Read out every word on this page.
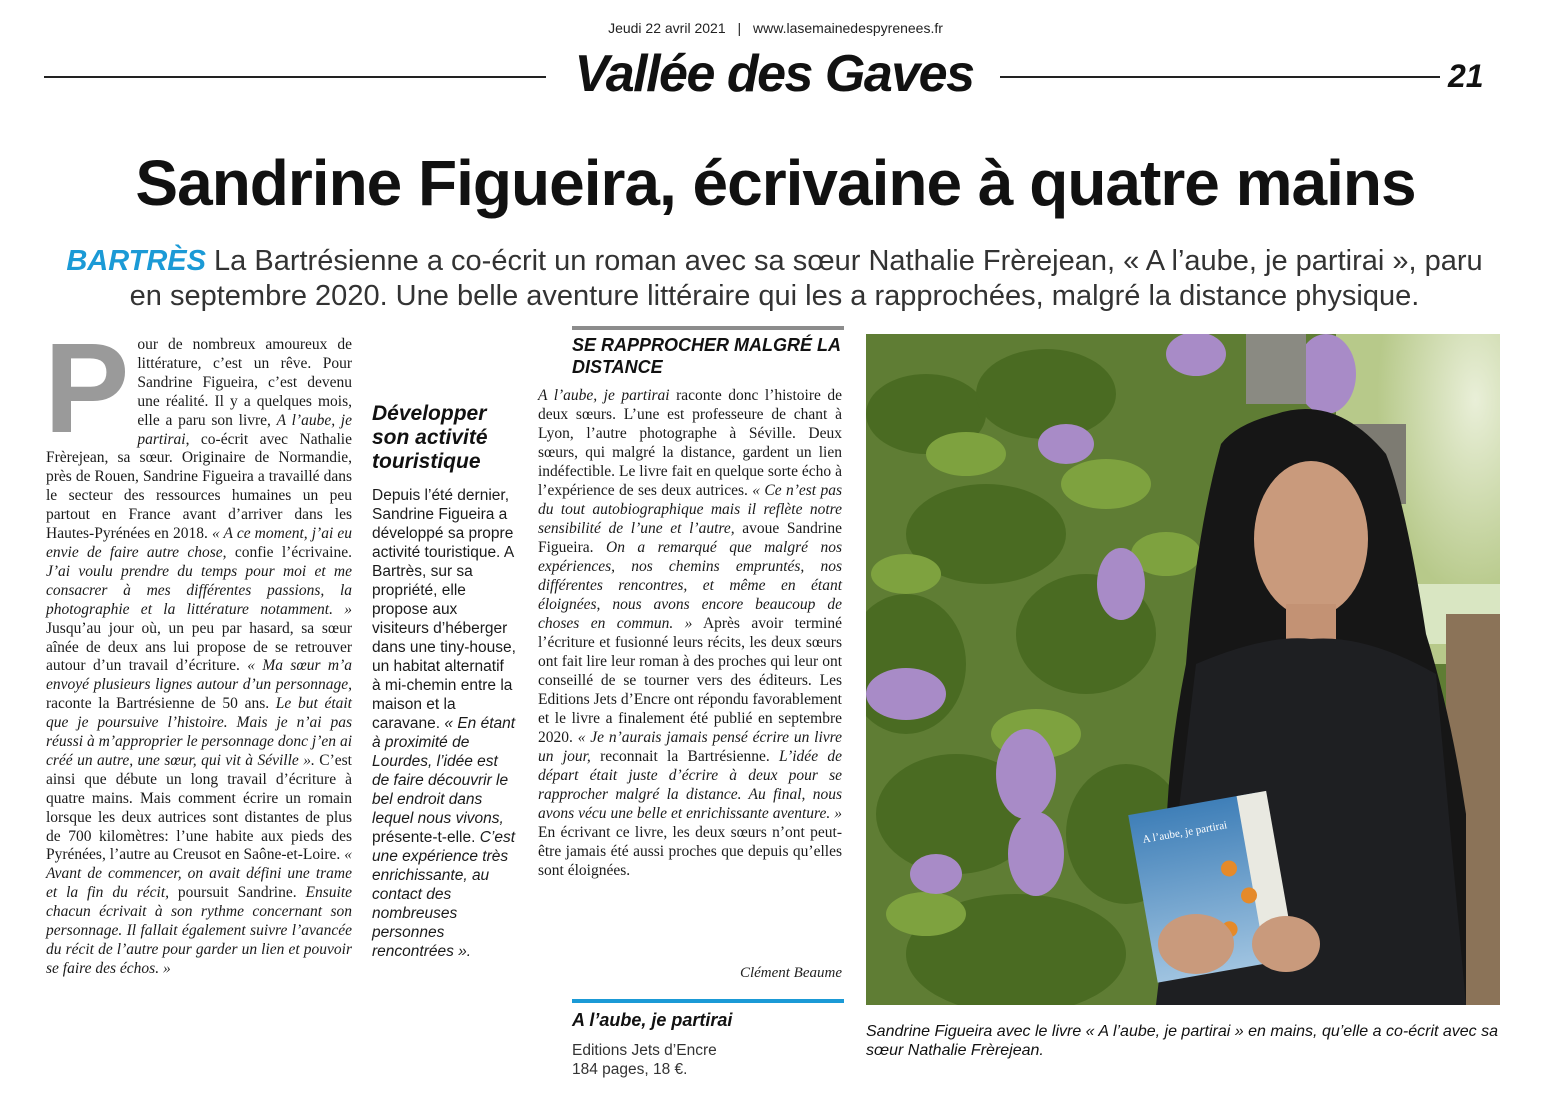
Jeudi 22 avril 2021 | www.lasemainedespyrenees.fr
Vallée des Gaves	21
Sandrine Figueira, écrivaine à quatre mains
BARTRÈS La Bartrésienne a co-écrit un roman avec sa sœur Nathalie Frèrejean, « A l’aube, je partirai », paru en septembre 2020. Une belle aventure littéraire qui les a rapprochées, malgré la distance physique.

Pour de nombreux amoureux de littérature, c’est un rêve. Pour Sandrine Figueira, c’est devenu une réalité. Il y a quelques mois, elle a paru son livre, A l’aube, je partirai, co-écrit avec Nathalie Frèrejean, sa sœur. Originaire de Normandie, près de Rouen, Sandrine Figueira a travaillé dans le secteur des ressources humaines un peu partout en France avant d’arriver dans les Hautes-Pyrénées en 2018. « A ce moment, j’ai eu envie de faire autre chose, confie l’écrivaine. J’ai voulu prendre du temps pour moi et me consacrer à mes différentes passions, la photographie et la littérature notamment. » Jusqu’au jour où, un peu par hasard, sa sœur aînée de deux ans lui propose de se retrouver autour d’un travail d’écriture. « Ma sœur m’a envoyé plusieurs lignes autour d’un personnage, raconte la Bartrésienne de 50 ans. Le but était que je poursuive l’histoire. Mais je n’ai pas réussi à m’approprier le personnage donc j’en ai créé un autre, une sœur, qui vit à Séville ». C’est ainsi que débute un long travail d’écriture à quatre mains. Mais comment écrire un romain lorsque les deux autrices sont distantes de plus de 700 kilomètres: l’une habite aux pieds des Pyrénées, l’autre au Creusot en Saône-et-Loire. « Avant de commencer, on avait défini une trame et la fin du récit, poursuit Sandrine. Ensuite chacun écrivait à son rythme concernant son personnage. Il fallait également suivre l’avancée du récit de l’autre pour garder un lien et pouvoir se faire des échos. »

Développer son activité touristique

Depuis l’été dernier, Sandrine Figueira a développé sa propre activité touristique. A Bartrès, sur sa propriété, elle propose aux visiteurs d’héberger dans une tiny-house, un habitat alternatif à mi-chemin entre la maison et la caravane. « En étant à proximité de Lourdes, l’idée est de faire découvrir le bel endroit dans lequel nous vivons, présente-t-elle. C’est une expérience très enrichissante, au contact des nombreuses personnes rencontrées ».

SE RAPPROCHER MALGRÉ LA DISTANCE

A l’aube, je partirai raconte donc l’histoire de deux sœurs. L’une est professeure de chant à Lyon, l’autre photographe à Séville. Deux sœurs, qui malgré la distance, gardent un lien indéfectible. Le livre fait en quelque sorte écho à l’expérience de ses deux autrices. « Ce n’est pas du tout autobiographique mais il reflète notre sensibilité de l’une et l’autre, avoue Sandrine Figueira. On a remarqué que malgré nos expériences, nos chemins empruntés, nos différentes rencontres, et même en étant éloignées, nous avons encore beaucoup de choses en commun. » Après avoir terminé l’écriture et fusionné leurs récits, les deux sœurs ont fait lire leur roman à des proches qui leur ont conseillé de se tourner vers des éditeurs. Les Editions Jets d’Encre ont répondu favorablement et le livre a finalement été publié en septembre 2020. « Je n’aurais jamais pensé écrire un livre un jour, reconnait la Bartrésienne. L’idée de départ était juste d’écrire à deux pour se rapprocher malgré la distance. Au final, nous avons vécu une belle et enrichissante aventure. » En écrivant ce livre, les deux sœurs n’ont peut-être jamais été aussi proches que depuis qu’elles sont éloignées.

Clément Beaume
A l’aube, je partirai
Editions Jets d’Encre
184 pages, 18 €.
A l’aube, je partirai
Sandrine Figueira avec le livre « A l’aube, je partirai » en mains, qu’elle a co-écrit avec sa sœur Nathalie Frèrejean.
